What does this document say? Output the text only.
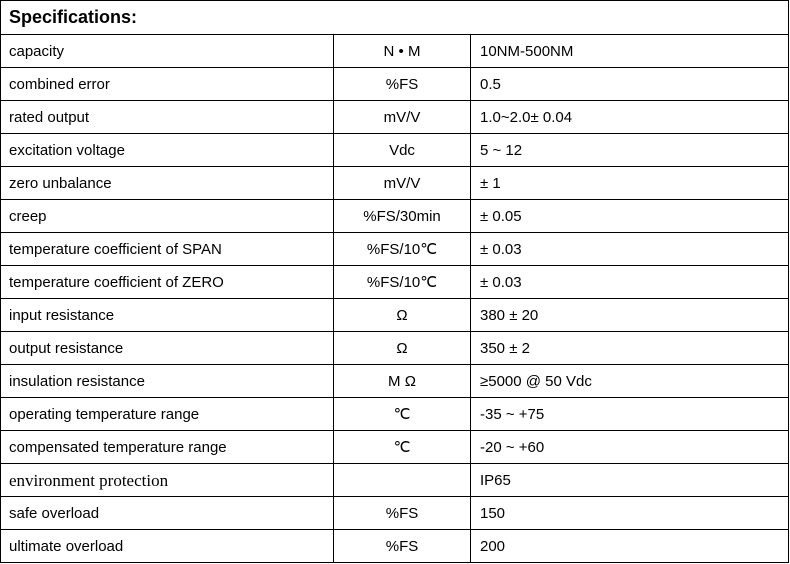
Specifications:		
capacity	N • M	10NM-500NM
combined error	%FS	0.5
rated output	mV/V	1.0~2.0± 0.04
excitation voltage	Vdc	5 ~ 12
zero unbalance	mV/V	± 1
creep	%FS/30min	± 0.05
temperature coefficient of SPAN	%FS/10℃	± 0.03
temperature coefficient of ZERO	%FS/10℃	± 0.03
input resistance	Ω	380 ± 20
output resistance	Ω	350 ± 2
insulation resistance	M Ω	≥5000 @ 50 Vdc
operating temperature range	℃	-35 ~ +75
compensated temperature range	℃	-20 ~ +60
environment protection		IP65
safe overload	%FS	150
ultimate overload	%FS	200
